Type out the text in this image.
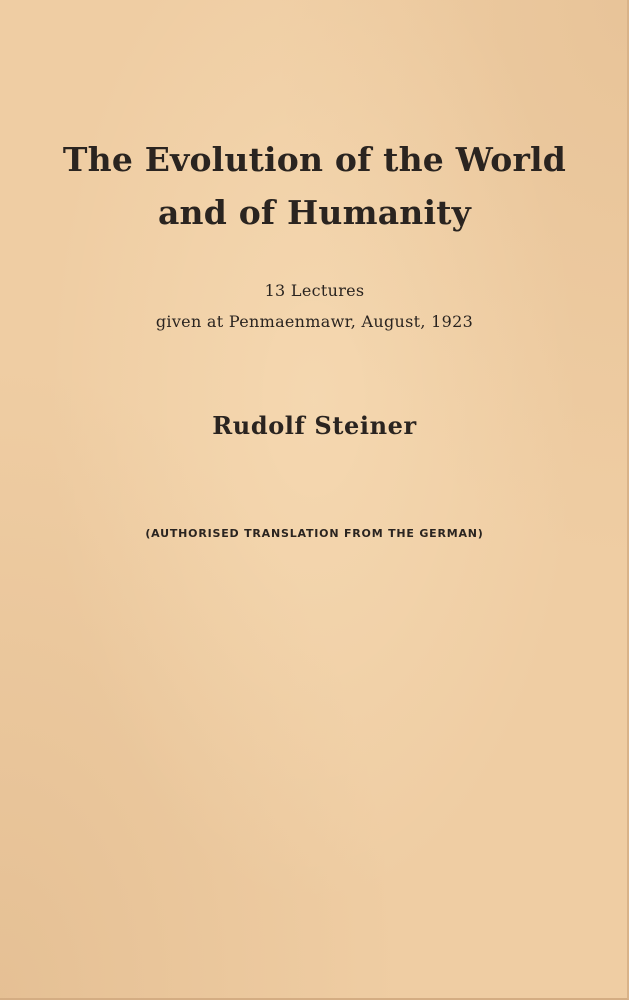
The Evolution of the World
and of Humanity

13 Lectures

given at Penmaenmawr, August, 1923

Rudolf Steiner

(AUTHORISED TRANSLATION FROM THE GERMAN)
